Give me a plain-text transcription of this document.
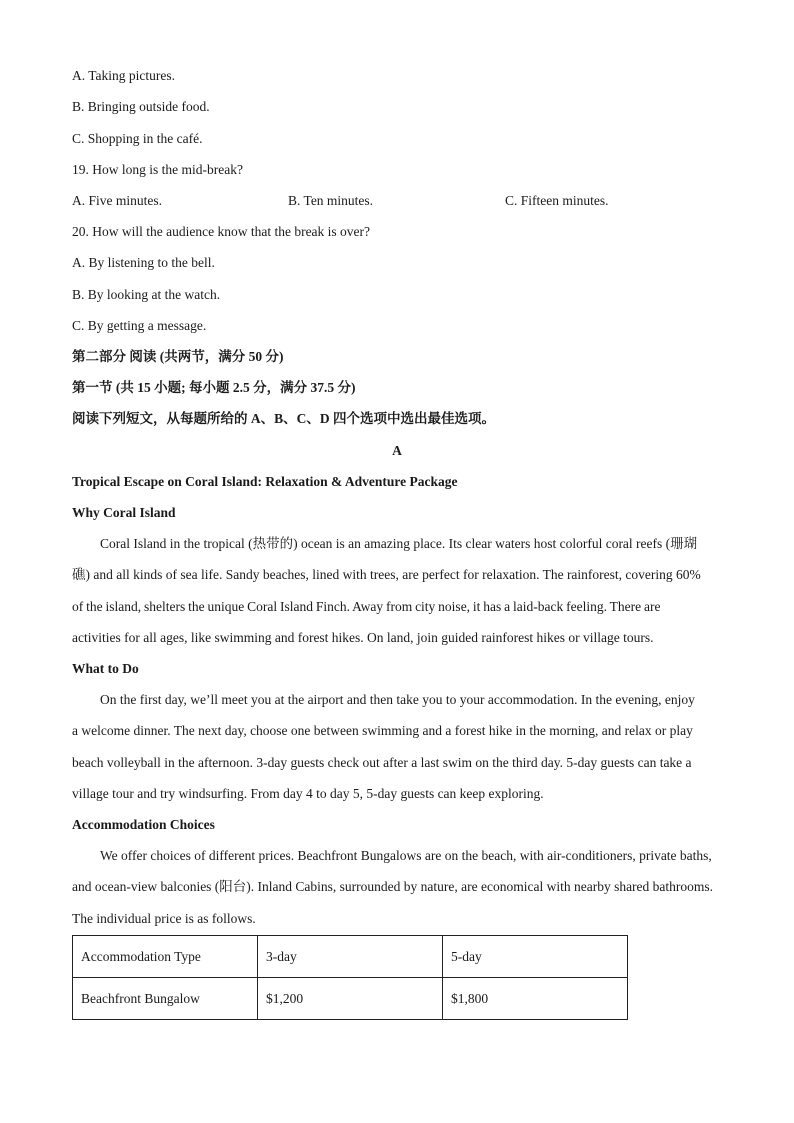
A. Taking pictures.
B. Bringing outside food.
C. Shopping in the café.
19. How long is the mid-break?
A. Five minutes.	B. Ten minutes.	C. Fifteen minutes.
20. How will the audience know that the break is over?
A. By listening to the bell.
B. By looking at the watch.
C. By getting a message.
第二部分 阅读 (共两节，满分 50 分)
第一节 (共 15 小题; 每小题 2.5 分，满分 37.5 分)
阅读下列短文，从每题所给的 A、B、C、D 四个选项中选出最佳选项。
A
Tropical Escape on Coral Island: Relaxation & Adventure Package
Why Coral Island
Coral Island in the tropical (热带的) ocean is an amazing place. Its clear waters host colorful coral reefs (珊瑚
礁) and all kinds of sea life. Sandy beaches, lined with trees, are perfect for relaxation. The rainforest, covering 60%
of the island, shelters the unique Coral Island Finch. Away from city noise, it has a laid-back feeling. There are
activities for all ages, like swimming and forest hikes. On land, join guided rainforest hikes or village tours.
What to Do
On the first day, we’ll meet you at the airport and then take you to your accommodation. In the evening, enjoy
a welcome dinner. The next day, choose one between swimming and a forest hike in the morning, and relax or play
beach volleyball in the afternoon. 3-day guests check out after a last swim on the third day. 5-day guests can take a
village tour and try windsurfing. From day 4 to day 5, 5-day guests can keep exploring.
Accommodation Choices
We offer choices of different prices. Beachfront Bungalows are on the beach, with air-conditioners, private baths,
and ocean-view balconies (阳台). Inland Cabins, surrounded by nature, are economical with nearby shared bathrooms.
The individual price is as follows.
Accommodation Type	3-day	5-day
Beachfront Bungalow	$1,200	$1,800
